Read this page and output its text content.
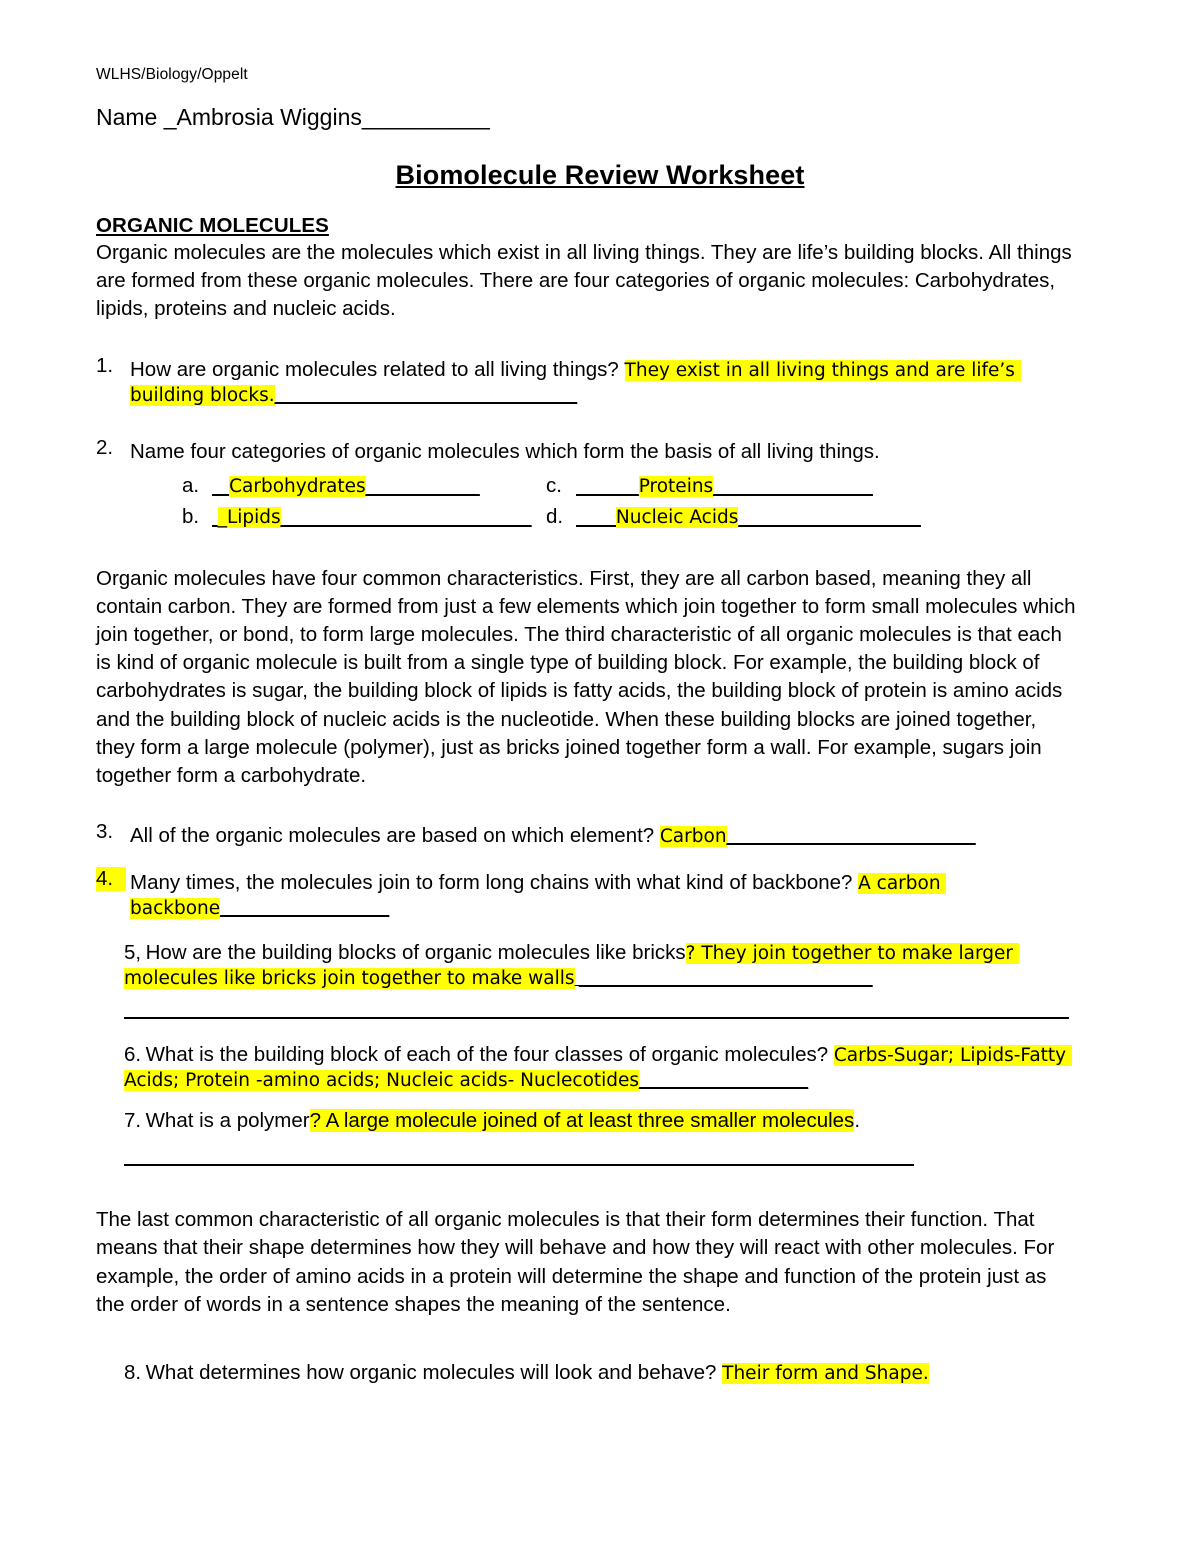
WLHS/Biology/Oppelt
Name _Ambrosia Wiggins__________
Biomolecule Review Worksheet
ORGANIC MOLECULES

Organic molecules are the molecules which exist in all living things. They are life’s building blocks. All things are formed from these organic molecules. There are four categories of organic molecules: Carbohydrates, lipids, proteins and nucleic acids.

1. How are organic molecules related to all living things? They exist in all living things and are life’s building blocks.__________________________________
2. Name four categories of organic molecules which form the basis of all living things.
a. _Carbohydrates__________	c. _____Proteins______________
b. _Lipids______________________ d. ___Nucleic Acids________________

Organic molecules have four common characteristics. First, they are all carbon based, meaning they all contain carbon. They are formed from just a few elements which join together to form small molecules which join together, or bond, to form large molecules. The third characteristic of all organic molecules is that each is kind of organic molecule is built from a single type of building block. For example, the building block of carbohydrates is sugar, the building block of lipids is fatty acids, the building block of protein is amino acids and the building block of nucleic acids is the nucleotide. When these building blocks are joined together, they form a large molecule (polymer), just as bricks joined together form a wall. For example, sugars join together form a carbohydrate.

3. All of the organic molecules are based on which element? Carbon____________________________
4. Many times, the molecules join to form long chains with what kind of backbone? A carbon backbone___________________
5, How are the building blocks of organic molecules like bricks? They join together to make larger molecules like bricks join together to make walls _________________________________
6. What is the building block of each of the four classes of organic molecules? Carbs-Sugar; Lipids-Fatty Acids; Protein -amino acids; Nucleic acids- Nuclecotides___________________
7. What is a polymer? A large molecule joined of at least three smaller molecules.

The last common characteristic of all organic molecules is that their form determines their function. That means that their shape determines how they will behave and how they will react with other molecules. For example, the order of amino acids in a protein will determine the shape and function of the protein just as the order of words in a sentence shapes the meaning of the sentence.

8. What determines how organic molecules will look and behave? Their form and Shape.
